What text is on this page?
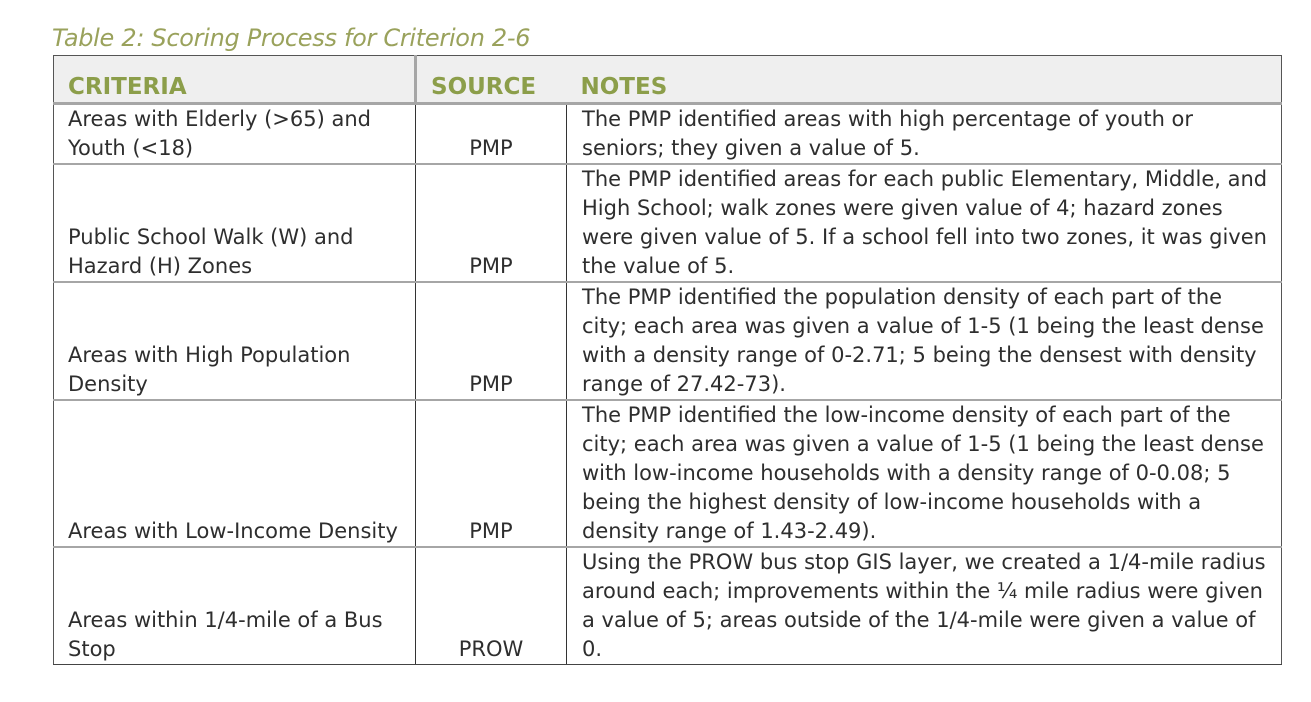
Table 2: Scoring Process for Criterion 2-6
CRITERIA	SOURCE	NOTES
Areas with Elderly (>65) and Youth (<18)	PMP	The PMP identified areas with high percentage of youth or seniors; they given a value of 5.
Public School Walk (W) and Hazard (H) Zones	PMP	The PMP identified areas for each public Elementary, Middle, and High School; walk zones were given value of 4; hazard zones were given value of 5. If a school fell into two zones, it was given the value of 5.
Areas with High Population Density	PMP	The PMP identified the population density of each part of the city; each area was given a value of 1-5 (1 being the least dense with a density range of 0-2.71; 5 being the densest with density range of 27.42-73).
Areas with Low-Income Density	PMP	The PMP identified the low-income density of each part of the city; each area was given a value of 1-5 (1 being the least dense with low-income households with a density range of 0-0.08; 5 being the highest density of low-income households with a density range of 1.43-2.49).
Areas within 1/4-mile of a Bus Stop	PROW	Using the PROW bus stop GIS layer, we created a 1/4-mile radius around each; improvements within the ¼ mile radius were given a value of 5; areas outside of the 1/4-mile were given a value of 0.
